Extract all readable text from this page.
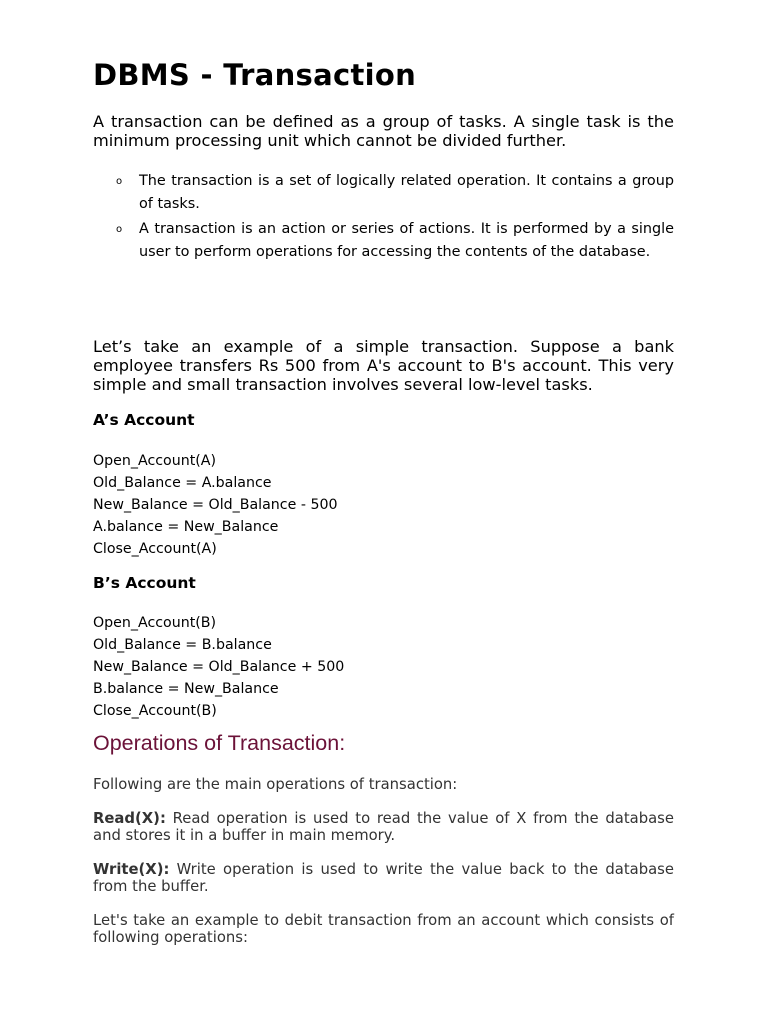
DBMS - Transaction

A transaction can be defined as a group of tasks. A single task is the minimum processing unit which cannot be divided further.

o The transaction is a set of logically related operation. It contains a group of tasks.
o A transaction is an action or series of actions. It is performed by a single user to perform operations for accessing the contents of the database.

Let’s take an example of a simple transaction. Suppose a bank employee transfers Rs 500 from A's account to B's account. This very simple and small transaction involves several low-level tasks.

A’s Account
Open_Account(A)
Old_Balance = A.balance
New_Balance = Old_Balance - 500
A.balance = New_Balance
Close_Account(A)
B’s Account
Open_Account(B)
Old_Balance = B.balance
New_Balance = Old_Balance + 500
B.balance = New_Balance
Close_Account(B)
Operations of Transaction:

Following are the main operations of transaction:

Read(X): Read operation is used to read the value of X from the database and stores it in a buffer in main memory.

Write(X): Write operation is used to write the value back to the database from the buffer.

Let's take an example to debit transaction from an account which consists of following operations:
